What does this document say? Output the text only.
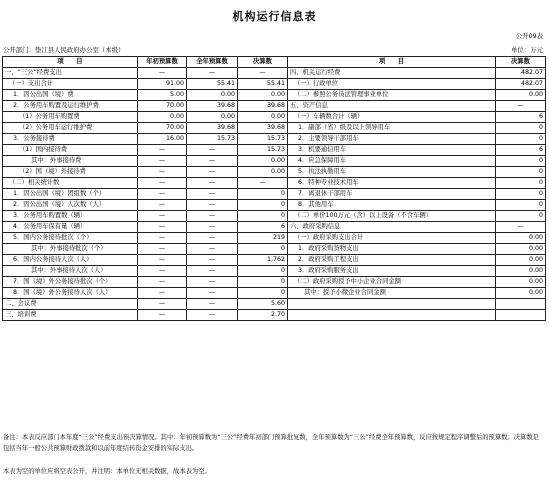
机构运行信息表
公开09表
公开部门：垫江县人民政府办公室（本级）	单位：万元
项　　目	年初预算数	全年预算数	决算数	项　　目	决算数
一、“三公”经费支出	—	—	—	四、机关运行经费	482.07
（一）支出合计	91.00	55.41	55.41	（一）行政单位	482.07
1．因公出国（境）费	5.00	0.00	0.00	（二）参照公务员法管理事业单位	0.00
2．公务用车购置及运行维护费	70.00	39.68	39.68	五、资产信息	—
（1）公务用车购置费	0.00	0.00	0.00	（一）车辆数合计（辆）	6
（2）公务用车运行维护费	70.00	39.68	39.68	1．副部（省）级及以上领导用车	0
3．公务接待费	16.00	15.73	15.73	2．主要领导干部用车	0
（1）国内接待费	—	—	15.73	3．机要通信用车	6
其中：外事接待费	—	—	0.00	4．应急保障用车	0
（2）国（境）外接待费	—	—	0.00	5．执法执勤用车	0
（二）相关统计数	—	—	—	6．特种专业技术用车	0
1．因公出国（境）团组数（个）	—	—	0	7．离退休干部用车	0
2．因公出国（境）人次数（人）	—	—	0	8．其他用车	0
3．公务用车购置数（辆）	—	—	0	（二）单价100万元（含）以上设备（不含车辆）	0
4．公务用车保有量（辆）	—	—	6	六、政府采购信息	—
5．国内公务接待批次（个）	—	—	219	（一）政府采购支出合计	0.00
其中：外事接待批次（个）	—	—	0	1．政府采购货物支出	0.00
6．国内公务接待人次（人）	—	—	1,762	2．政府采购工程支出	0.00
其中：外事接待人次（人）	—	—	0	3．政府采购服务支出	0.00
7．国（境）外公务接待批次（个）	—	—	0	（二）政府采购授予中小企业合同金额	0.00
8．国（境）外公务接待人次（人）	—	—	0	其中：授予小微企业合同金额	0.00
二、会议费	—	—	5.60		
三、培训费	—	—	2.70		
备注：本表反应部门本年度“三公”经费支出预决算情况。其中：年初预算数为“三公”经费年初部门预算批复数，全年预算数为“三公”经费全年预算数，反应按规定程序调整后的预算数；决算数是包括当年一般公共预算财政拨款和以前年度结转资金安排的实际支出。
本表为空的单位应将空表公开，并注明：本单位无相关数据，故本表为空。
